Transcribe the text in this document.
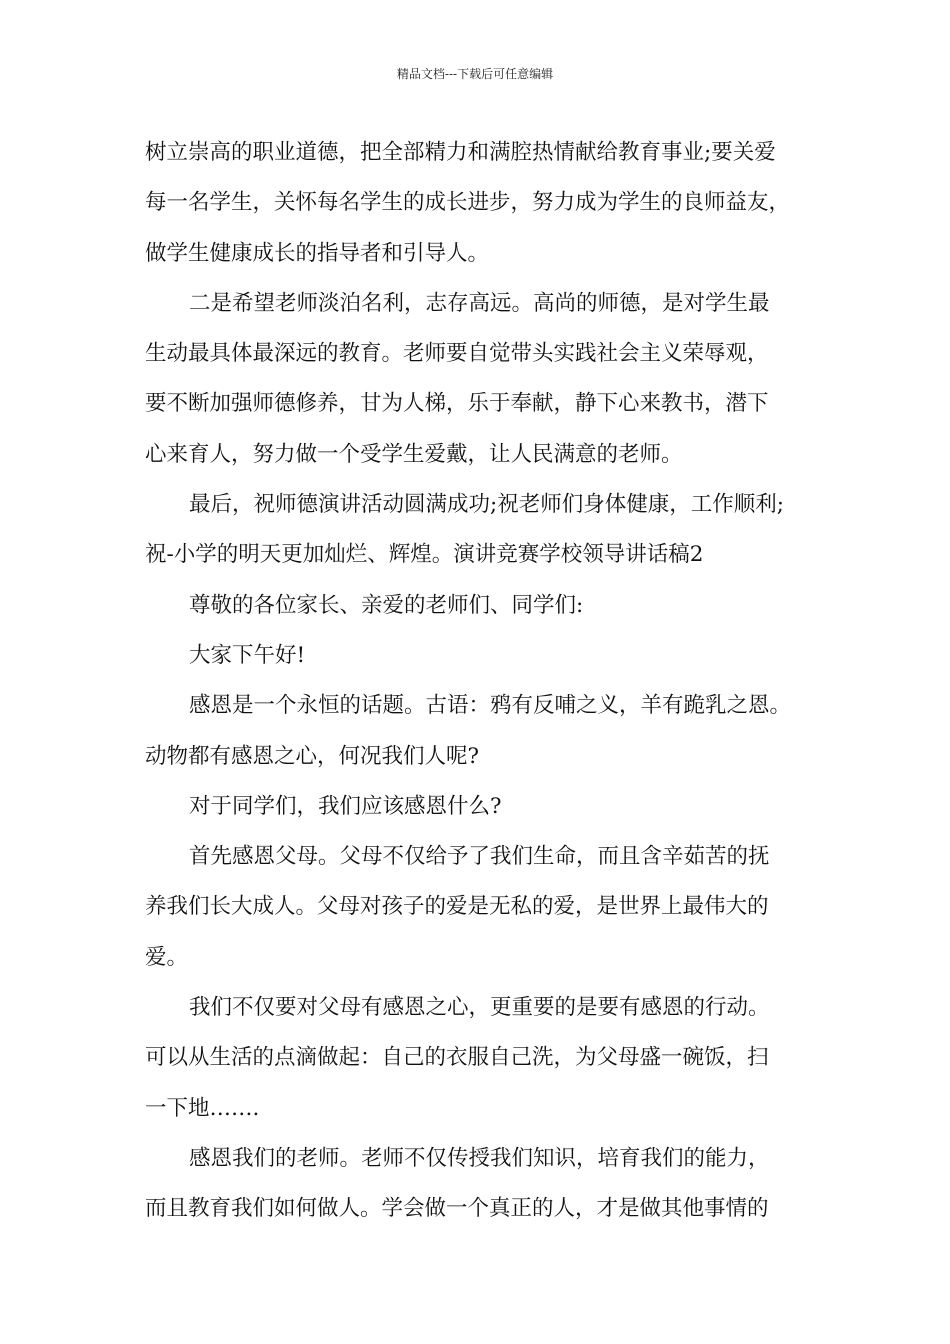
精品文档---下载后可任意编辑
树立崇高的职业道德，把全部精力和满腔热情献给教育事业;要关爱
每一名学生，关怀每名学生的成长进步，努力成为学生的良师益友，
做学生健康成长的指导者和引导人。
二是希望老师淡泊名利，志存高远。高尚的师德，是对学生最
生动最具体最深远的教育。老师要自觉带头实践社会主义荣辱观，
要不断加强师德修养，甘为人梯，乐于奉献，静下心来教书，潜下
心来育人，努力做一个受学生爱戴，让人民满意的老师。
最后，祝师德演讲活动圆满成功;祝老师们身体健康，工作顺利;
祝-小学的明天更加灿烂、辉煌。演讲竞赛学校领导讲话稿2
尊敬的各位家长、亲爱的老师们、同学们:
大家下午好!
感恩是一个永恒的话题。古语：鸦有反哺之义，羊有跪乳之恩。
动物都有感恩之心，何况我们人呢?
对于同学们，我们应该感恩什么?
首先感恩父母。父母不仅给予了我们生命，而且含辛茹苦的抚
养我们长大成人。父母对孩子的爱是无私的爱，是世界上最伟大的
爱。
我们不仅要对父母有感恩之心，更重要的是要有感恩的行动。
可以从生活的点滴做起：自己的衣服自己洗，为父母盛一碗饭，扫
一下地…….
感恩我们的老师。老师不仅传授我们知识，培育我们的能力，
而且教育我们如何做人。学会做一个真正的人，才是做其他事情的
